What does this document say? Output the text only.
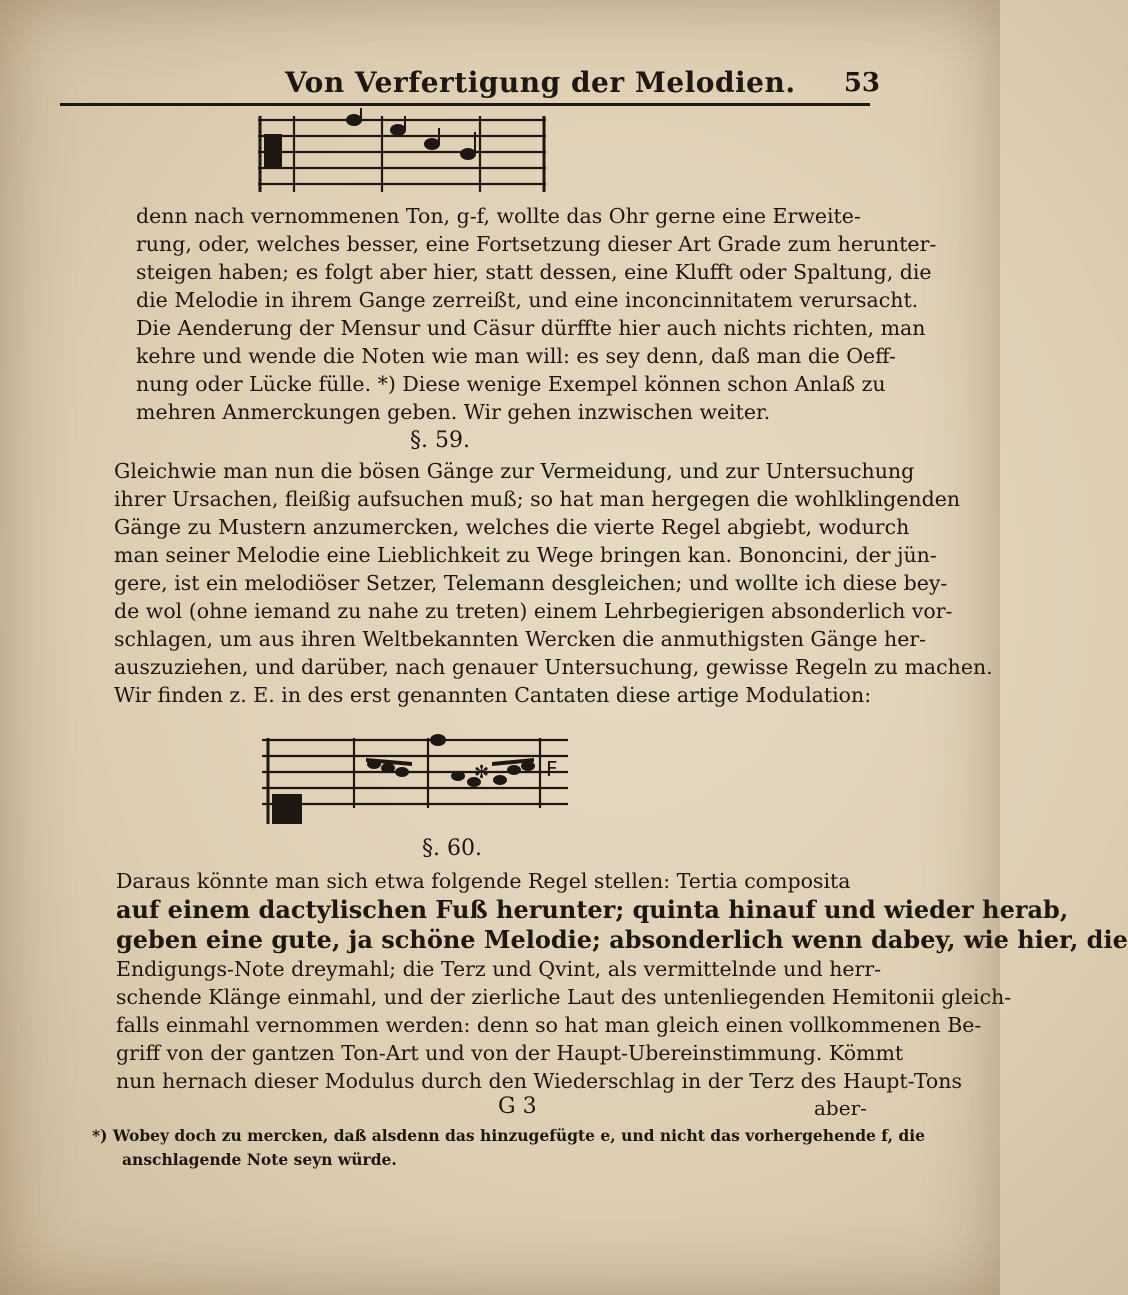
Von Verfertigung der Melodien. 53
denn nach vernommenen Ton, g-f, wollte das Ohr gerne eine Erweite-
rung, oder, welches besser, eine Fortsetzung dieser Art Grade zum herunter-
steigen haben; es folgt aber hier, statt dessen, eine Klufft oder Spaltung, die
die Melodie in ihrem Gange zerreißt, und eine inconcinnitatem verursacht.
Die Aenderung der Mensur und Cäsur dürffte hier auch nichts richten, man
kehre und wende die Noten wie man will: es sey denn, daß man die Oeff-
nung oder Lücke fülle. *) Diese wenige Exempel können schon Anlaß zu
mehren Anmerckungen geben. Wir gehen inzwischen weiter.
§. 59.
Gleichwie man nun die bösen Gänge zur Vermeidung, und zur Untersuchung
ihrer Ursachen, fleißig aufsuchen muß; so hat man hergegen die wohlklingenden
Gänge zu Mustern anzumercken, welches die vierte Regel abgiebt, wodurch
man seiner Melodie eine Lieblichkeit zu Wege bringen kan. Bononcini, der jün-
gere, ist ein melodiöser Setzer, Telemann desgleichen; und wollte ich diese bey-
de wol (ohne iemand zu nahe zu treten) einem Lehrbegierigen absonderlich vor-
schlagen, um aus ihren Weltbekannten Wercken die anmuthigsten Gänge her-
auszuziehen, und darüber, nach genauer Untersuchung, gewisse Regeln zu machen.
Wir finden z. E. in des erst genannten Cantaten diese artige Modulation:
✻	F
§. 60.
Daraus könnte man sich etwa folgende Regel stellen: Tertia composita
auf einem dactylischen Fuß herunter; quinta hinauf und wieder herab,
geben eine gute, ja schöne Melodie; absonderlich wenn dabey, wie hier, die
Endigungs-Note dreymahl; die Terz und Qvint, als vermittelnde und herr-
schende Klänge einmahl, und der zierliche Laut des untenliegenden Hemitonii gleich-
falls einmahl vernommen werden: denn so hat man gleich einen vollkommenen Be-
griff von der gantzen Ton-Art und von der Haupt-Ubereinstimmung. Kömmt
nun hernach dieser Modulus durch den Wiederschlag in der Terz des Haupt-Tons
G 3	aber-
*) Wobey doch zu mercken, daß alsdenn das hinzugefügte e, und nicht das vorhergehende f, die
anschlagende Note seyn würde.
